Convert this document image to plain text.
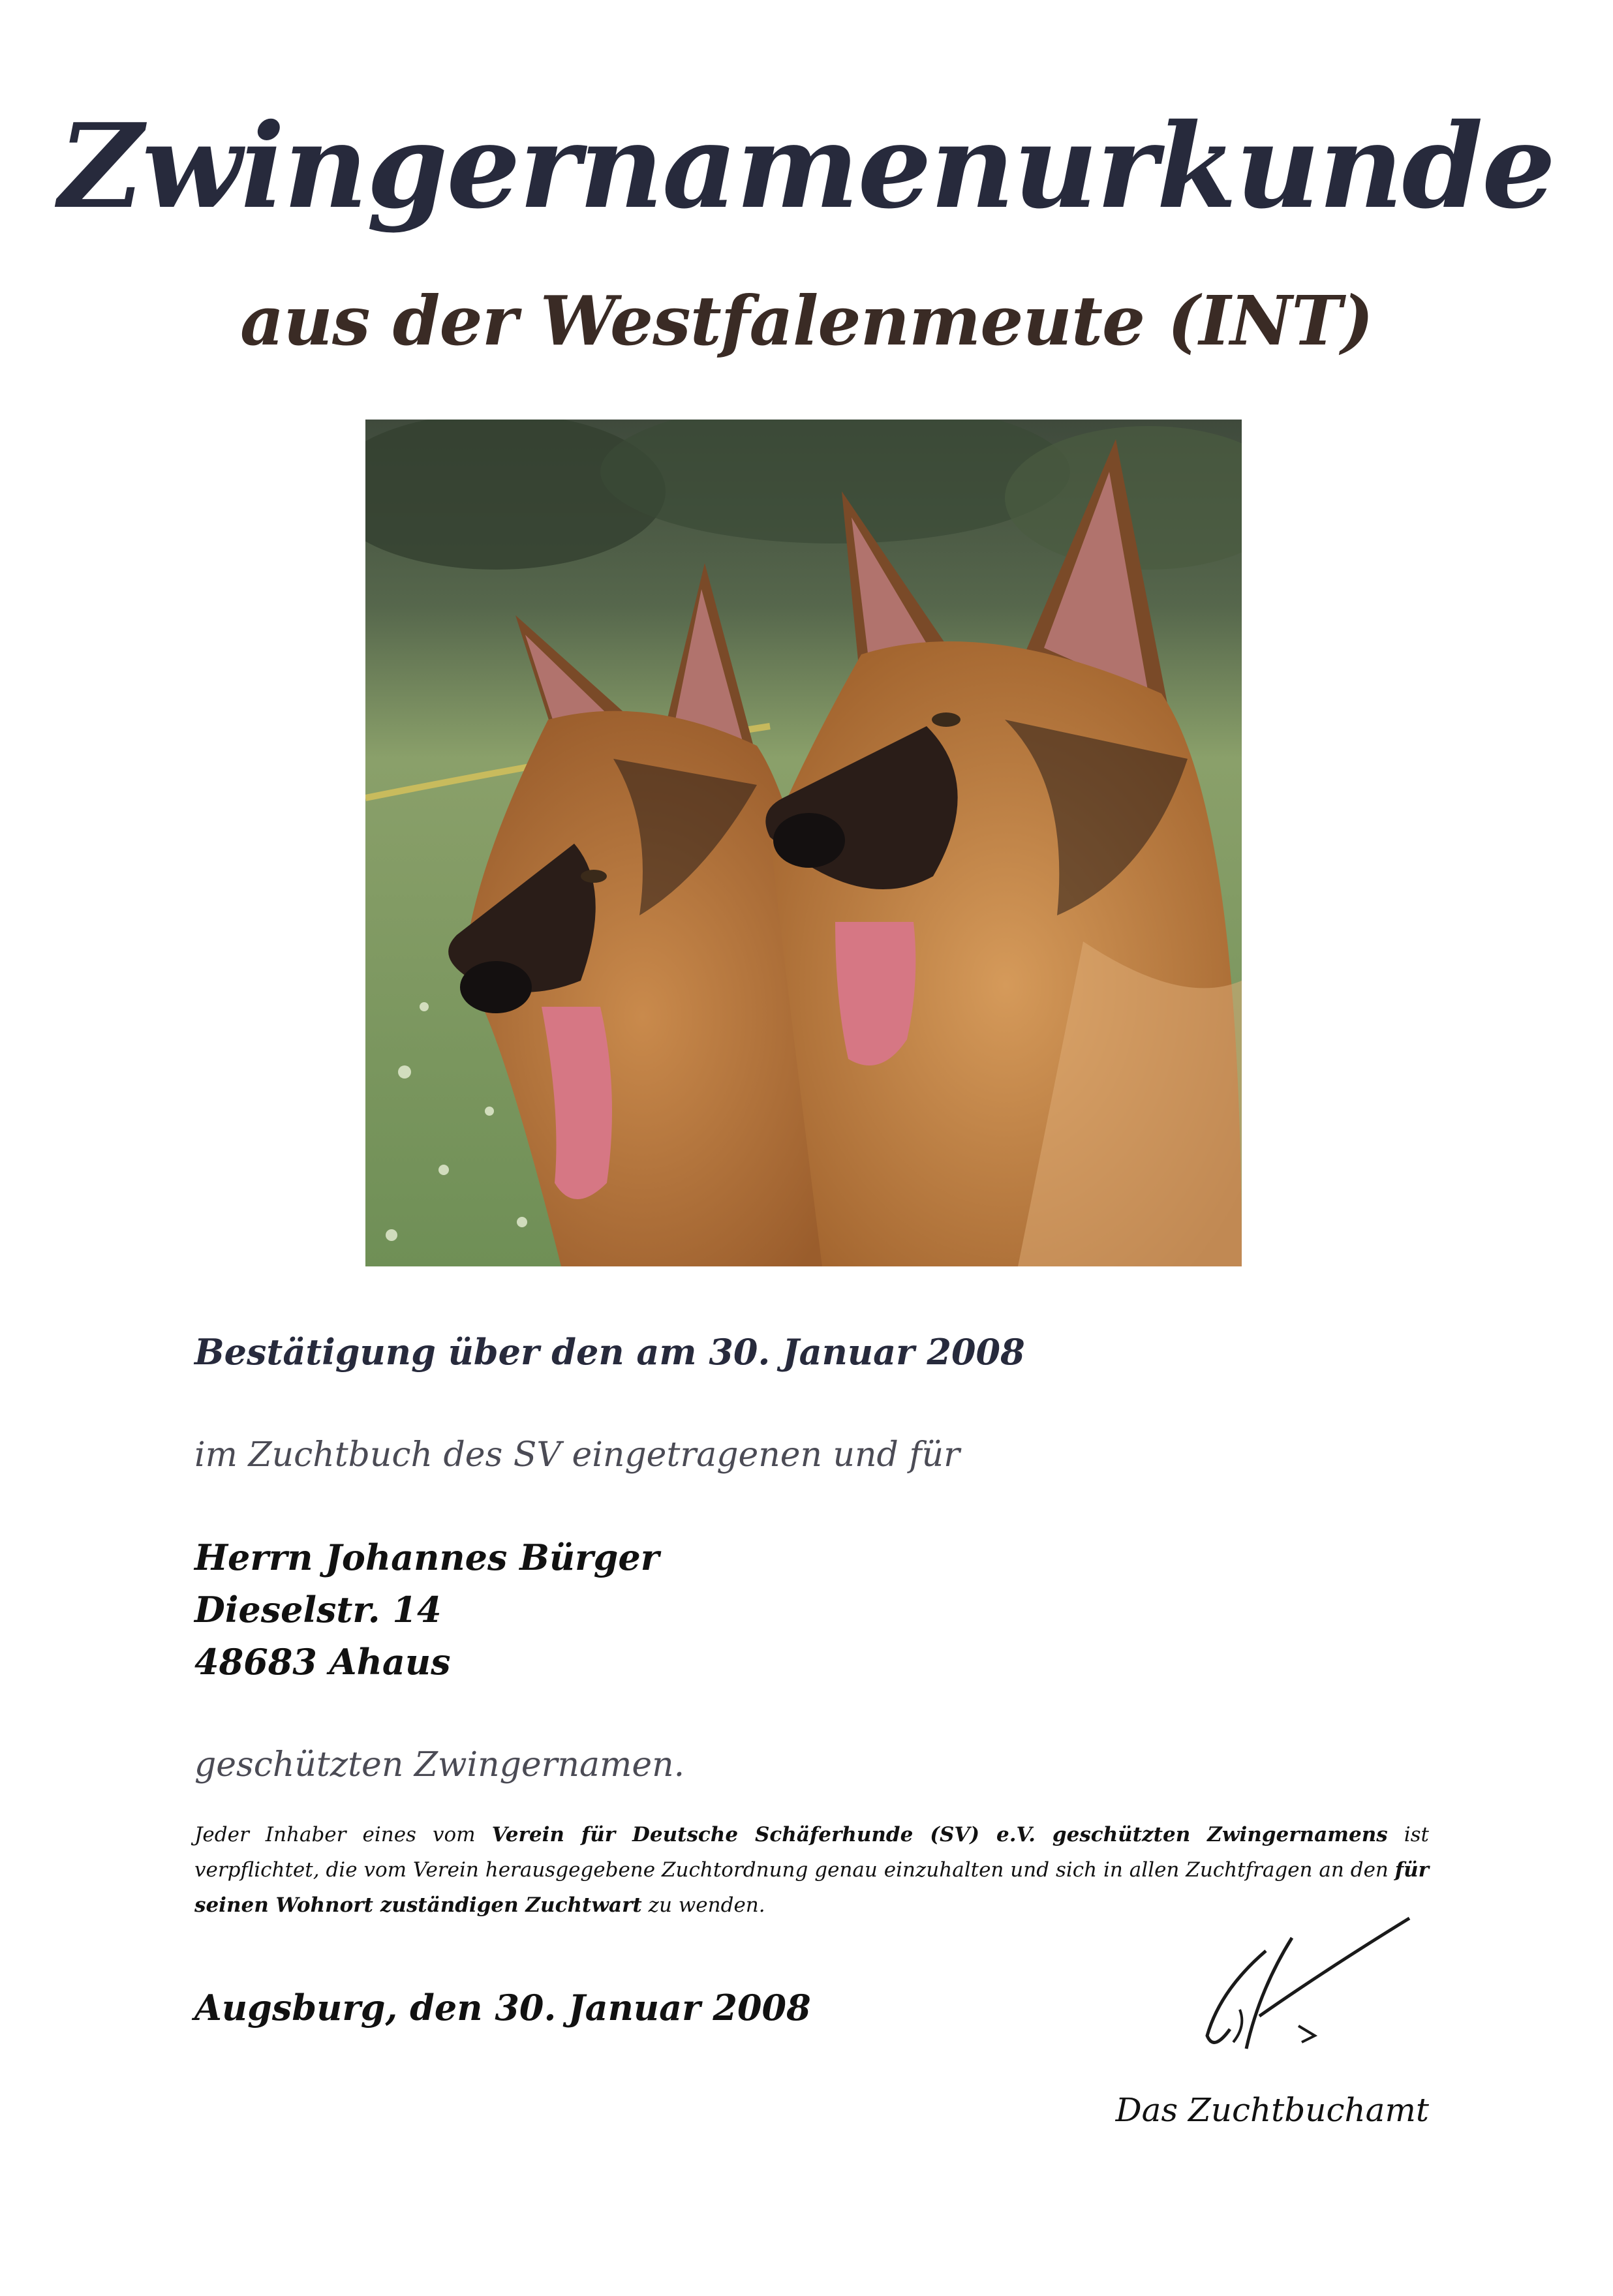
Zwingernamenurkunde
aus der Westfalenmeute (INT)
Bestätigung über den am 30. Januar 2008
im Zuchtbuch des SV eingetragenen und für
Herrn Johannes Bürger
Dieselstr. 14
48683 Ahaus
geschützten Zwingernamen.
Jeder Inhaber eines vom Verein für Deutsche Schäferhunde (SV) e.V. geschützten Zwingernamens ist verpflichtet, die vom Verein herausgegebene Zuchtordnung genau einzuhalten und sich in allen Zuchtfragen an den für seinen Wohnort zuständigen Zuchtwart zu wenden.
Augsburg, den 30. Januar 2008
Das Zuchtbuchamt
